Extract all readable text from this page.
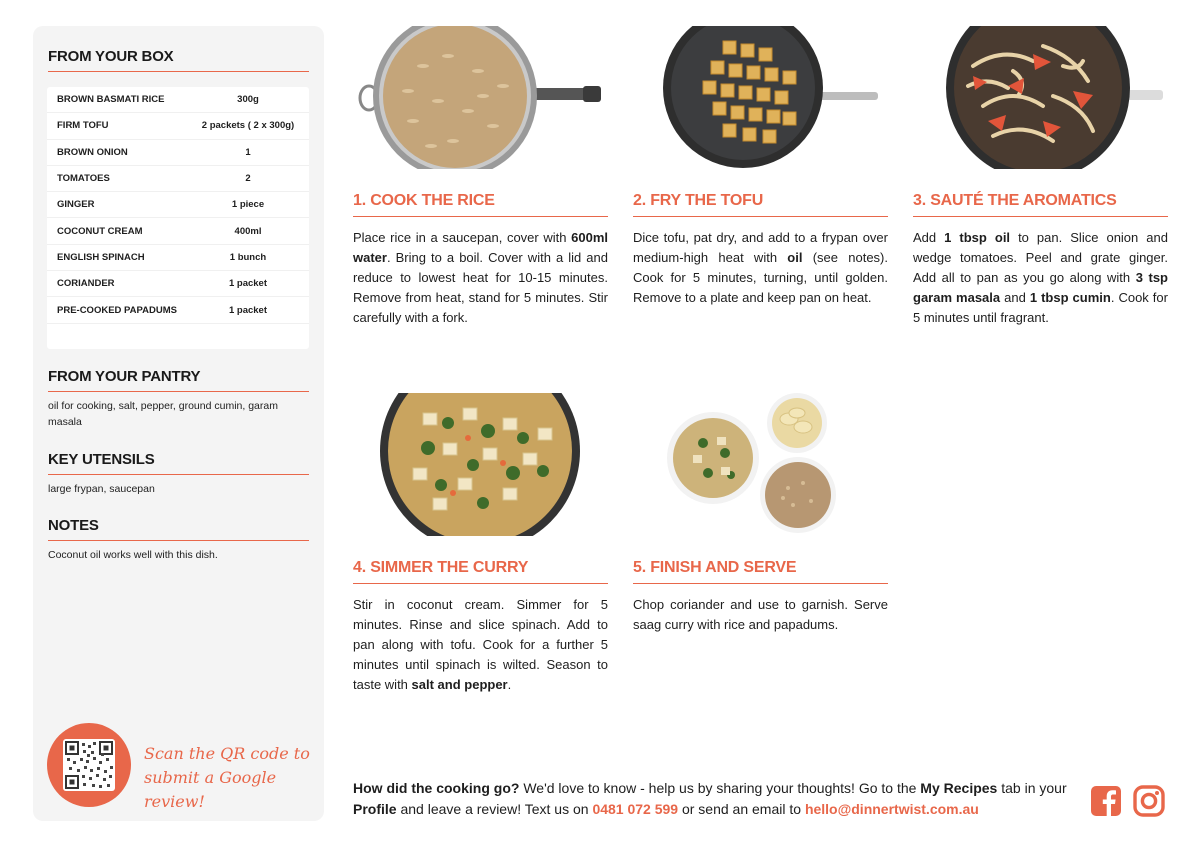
FROM YOUR BOX
BROWN BASMATI RICE	300g
FIRM TOFU	2 packets ( 2 x 300g)
BROWN ONION	1
TOMATOES	2
GINGER	1 piece
COCONUT CREAM	400ml
ENGLISH SPINACH	1 bunch
CORIANDER	1 packet
PRE-COOKED PAPADUMS	1 packet
FROM YOUR PANTRY
oil for cooking, salt, pepper, ground cumin, garam masala
KEY UTENSILS
large frypan, saucepan
NOTES
Coconut oil works well with this dish.
Scan the QR code to
submit a Google review!
1. COOK THE RICE
Place rice in a saucepan, cover with 600ml water. Bring to a boil. Cover with a lid and reduce to lowest heat for 10-15 minutes. Remove from heat, stand for 5 minutes. Stir carefully with a fork.
2. FRY THE TOFU
Dice tofu, pat dry, and add to a frypan over medium-high heat with oil (see notes). Cook for 5 minutes, turning, until golden. Remove to a plate and keep pan on heat.
3. SAUTÉ THE AROMATICS
Add 1 tbsp oil to pan. Slice onion and wedge tomatoes. Peel and grate ginger. Add all to pan as you go along with 3 tsp garam masala and 1 tbsp cumin. Cook for 5 minutes until fragrant.
4. SIMMER THE CURRY
Stir in coconut cream. Simmer for 5 minutes. Rinse and slice spinach. Add to pan along with tofu. Cook for a further 5 minutes until spinach is wilted. Season to taste with salt and pepper.
5. FINISH AND SERVE
Chop coriander and use to garnish. Serve saag curry with rice and papadums.
How did the cooking go? We'd love to know - help us by sharing your thoughts! Go to the My Recipes tab in your Profile and leave a review! Text us on 0481 072 599 or send an email to hello@dinnertwist.com.au
